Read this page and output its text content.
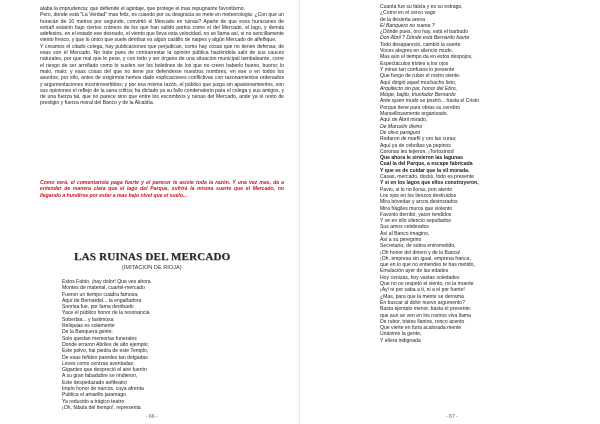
alaba la imprudencia; que defiende el agiotaje, que protege el mas repugnante favoritismo.

Pero, donde está "La Verdad" mas feliz, es cuando por su desgracia se mete en meteorologia: ¿Con que un huracán de 10 metros por segundo, convirtió el Mercado en ruinas? Aparte de que esos huracanes de estrañ estanín bajo ciertos cráneos de los que han salido partos como el del Mercado, el lago, y demás adefesios, en el estado ese desnudo, el viento que lleva esta velocidad, no se llama así, si no sencillamente viento fresco, y que lo único que suele derribar es algún castillo de naipes y algún Mercado de alfeñique.

Y creamos el citado colega, hay publicaciones que perjudican, como hay cosas que no tienen defensa; de esas son el Mercado. No trate pues de contrarrestar la opinión pública haciéndola salir de sus cauces naturales, por que mal que le pese, y con todo y ser órgano de una situacion municipal tambaleante, corre el riesgo de ser arrollado como lo suelen ser los boletines de los que no creen haberlo bueno, bueno; lo malo, malo; y esas cosas del que no tiene por defenderse nuestros nombres, en ese o en todos los asuntos; por ello, antes de exigirmos hemos dado explicaciones conflictivas con razonamientos ordenados y argumentaciones incontrovertibles; y por esa misma razón, el público que juzga sin apasionamientos, son sus opiniones el reflejo de la sana critica; ha dictado ya su fallo condenatorio para el colega y sus amigos, y de una fuerza tal, que no parece sino que entre los escombros y ruinas del Mercado, ande ya el resto de prestigio y fuerza moral del Banco y de la Alcaldía.

Como verá, el comentarista paga fuerte y el parecer le asiste toda la razón. Y una vez mas, da a entender de manera clara que el lago del Parque, sufrirá la misma suerte que el Mercado, no llegando a hundirse por estar a mas bajo nivel que el suelo...
LAS RUINAS DEL MERCADO
(IMITACION DE RIOJA)
Estos Fabio, ¡hay dolor! Que ves ahora
Montes de material, cuartel-mercado
Fueron un tiempo cuadra famosa;
Aquí de Bernardel... la engañadora
Sonrisa fue, por fama derribado
Yace el público honor de la resonancia
Soberbia... y lastimosa
Reliquias es solamente
De la Banquera gente.
Solo quedan memorias funerales
Donde erraron Abriles de alto ejemplo;
Este polvo, hai piedra de este Templo,
De esas feñdes paredes tan delgadas
Leves como cenizas aventadas;
Gigantes que despreció el aire fuerón
A su gran fabadubre se rindieron,
Este despedazado anfiteatro
Impío honor de narcos, cuya afrenta
Publica el amarillo jaramago
Ya reducido a trágico teatro
¡Oh, fábula del tiempo!, representa
- 66 -
Cuanta fue su falsía y es su estrago,
¿Como en el cerco vago
de la desierta arena
El Banquero no suena ?
¿Dónde pues, oro hay, está el barbudo
Don Abril ? Dónde está Bernardo fuerte
Todo desapareció, cambió la suerte
Voces alegres en silencio mudo.
Mas aún el tiempo da en estos despojos,
Espectáculos tristes a los ojos
Y miran tan confusos lo presente
Que fuego de rubor el rostro siente.
Aquí dirigió aquel muchacho listo,
Arquitecto sin par, honor del Ebro,
Miope, bajito, triunfador Bernardo
Ante quien mudo se postró... hasta el Cristo
Porque tiene para obras su cerebro
Maravillosamente organizado.
Aquí de Abril mirado,
De Marcelín divino
De olivo paraguro
Rodaron de marfil y oro las curas;
Aquí ya de ceboltas ya pepinos
Coronas les tejieron, ¡Tortosinos!
Que ahora le sirvieron las lagunas
Cual la del Parque, a escape fabricada
Y que es de cuidar que la vil morada.
Casas, mercado, docks, todo es presente
Y si en los lagos que ellos construyeron,
Pavio, si lo no lloras, pon atento
Los ojos en los lienzos destruidos
Mira bóvedas y arcos destrozados
Mira frágiles muros que violento
Favonio derribó, yacer tendidos
Y ve en ello silencio sepultados
Sus amos celebrados
Así al Banco imagino,
Así a su peregrino
Secretario, de sobra entrometido,
¡Oh honor del dinero y de la Banca!
¡Oh, empresa sin igual, empresa franca,
que en lo que no entiendes te has metido,
Emulación ayer de las edades
Hoy cenizas, hoy vastas soledades
Que no os respetó el viento, no la muerte
¡Ay! ni por saba a ti, ni a el por fuerte!
¿Mas, para que la mente se derrama
En buscar al dolor nuevo argumento?
Basta ejemplo menor, basta el presente;
que aun se ven en los rostros viva llama
De rubor, tristes llantos, ronco acento
Que vierte en furia acalorada mente
Unánime la gente,
Y ellera indignada
- 67 -
